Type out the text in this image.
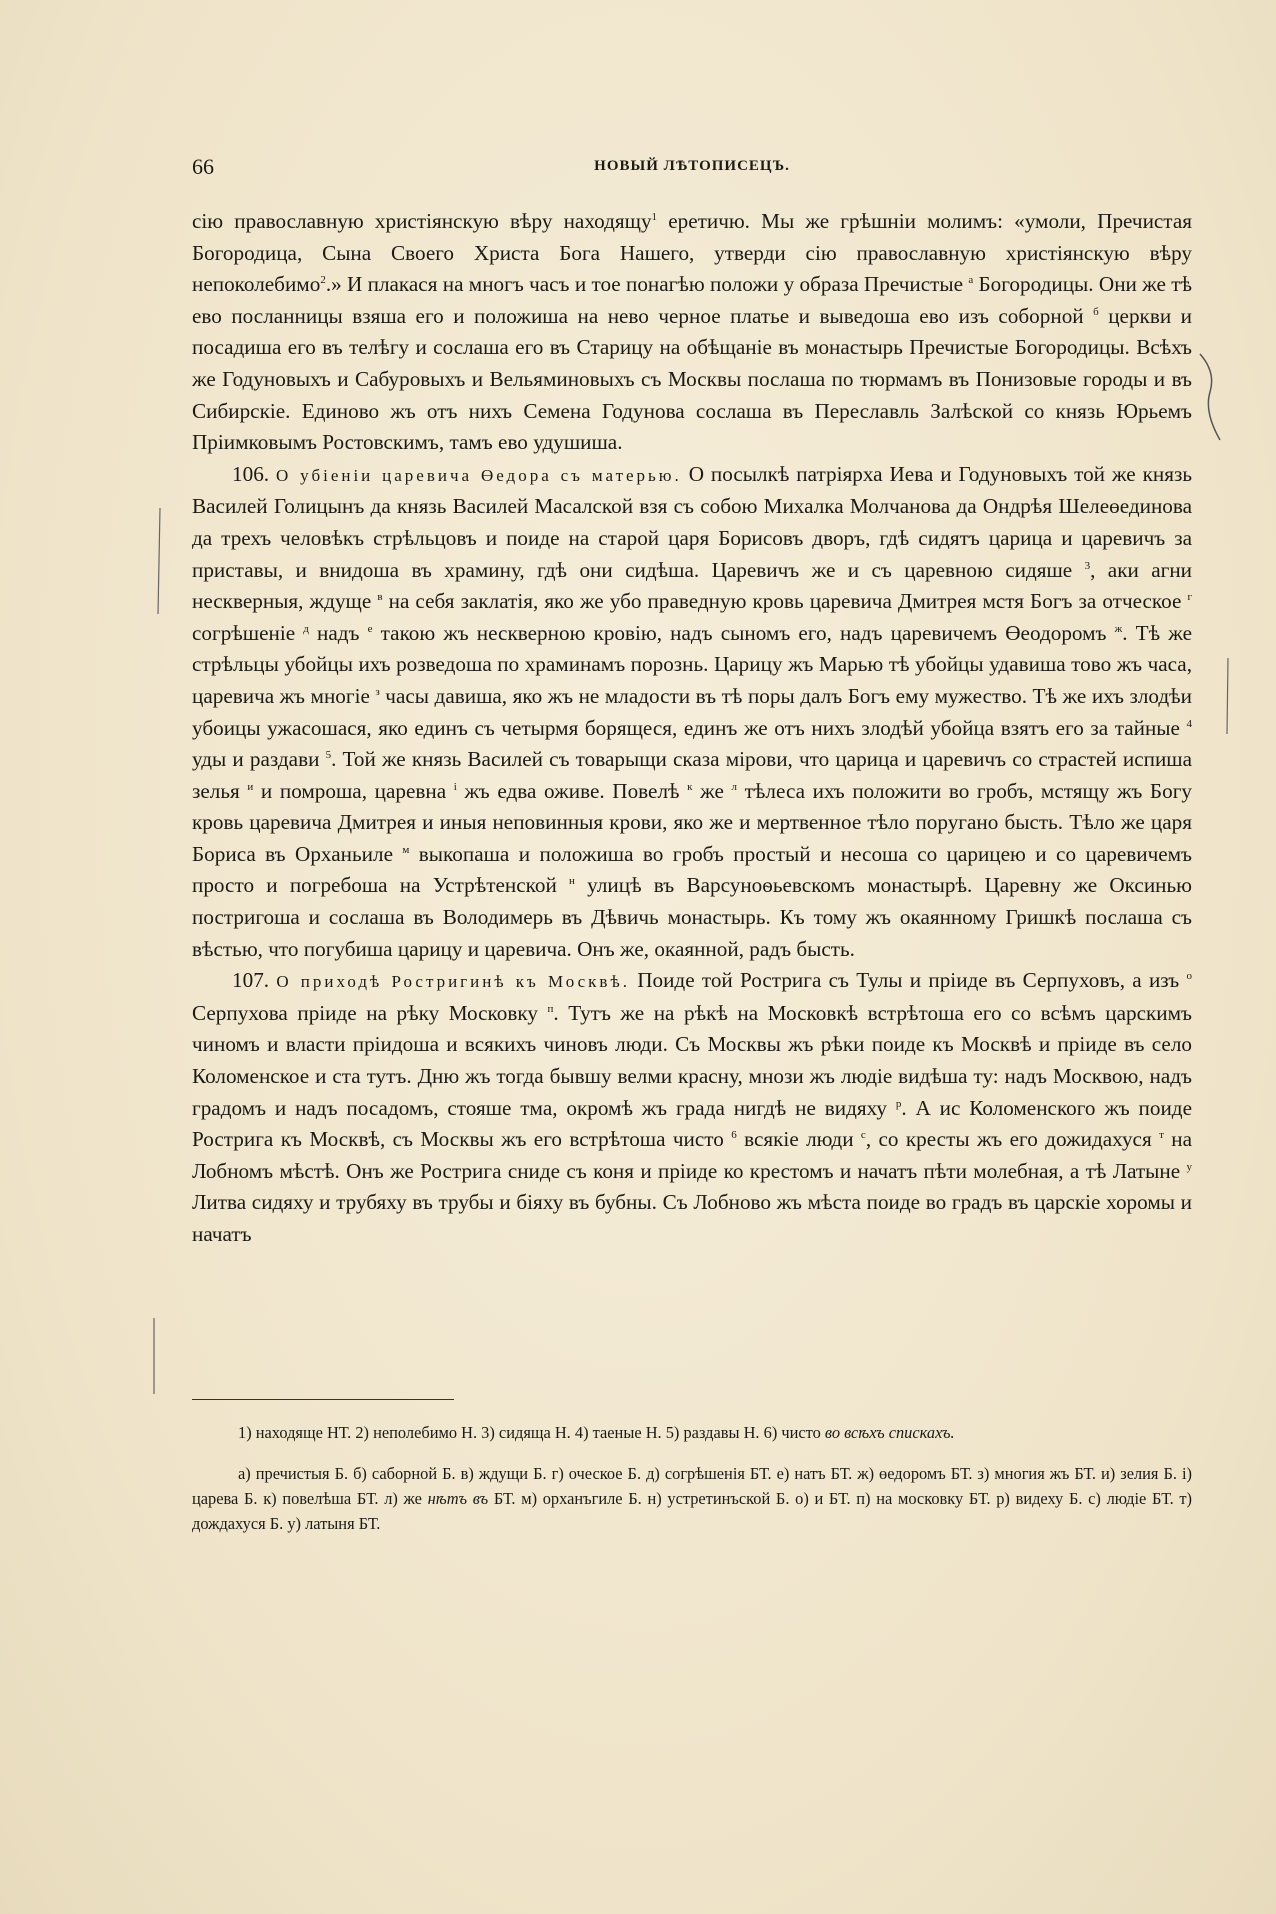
66	НОВЫЙ ЛѢТОПИСЕЦЪ.

сію православную христіянскую вѣру находящу$^1$ еретичю. Мы же грѣшніи молимъ: «умоли, Пречистая Богородица, Сына Своего Христа Бога Нашего, утверди сію православную христіянскую вѣру непоколебимо$^2$.» И плакася на многъ часъ и тое понагѣю положи у образа Пречистые $^а$ Богородицы. Они же тѣ ево посланницы взяша его и положиша на нево черное платье и выведоша ево изъ соборной $^б$ церкви и посадиша его въ телѣгу и сослаша его въ Старицу на обѣщаніе въ монастырь Пречистые Богородицы. Всѣхъ же Годуновыхъ и Сабуровыхъ и Вельяминовыхъ съ Москвы послаша по тюрмамъ въ Понизовые городы и въ Сибирскіе. Единово жъ отъ нихъ Семена Годунова сослаша въ Переславль Залѣской со князь Юрьемъ Пріимковымъ Ростовскимъ, тамъ ево удушиша.

106. О убіеніи царевича Өедора съ матерью. О посылкѣ патріярха Иева и Годуновыхъ той же князь Василей Голицынъ да князь Василей Масалской взя съ собою Михалка Молчанова да Ондрѣя Шелеөединова да трехъ человѣкъ стрѣльцовъ и поиде на старой царя Борисовъ дворъ, гдѣ сидятъ царица и царевичъ за приставы, и внидоша въ храмину, гдѣ они сидѣша. Царевичъ же и съ царевною сидяше $^3$, аки агни нескверныя, ждуще $^в$ на себя заклатія, яко же убо праведную кровь царевича Дмитрея мстя Богъ за отческое $^г$ согрѣшеніе $^д$ надъ $^е$ такою жъ нескверною кровію, надъ сыномъ его, надъ царевичемъ Өеодоромъ $^ж$. Тѣ же стрѣльцы убойцы ихъ розведоша по храминамъ порознь. Царицу жъ Марью тѣ убойцы удавиша тово жъ часа, царевича жъ многіе $^з$ часы давиша, яко жъ не младости въ тѣ поры далъ Богъ ему мужество. Тѣ же ихъ злодѣи убоицы ужасошася, яко единъ съ четырмя борящеся, единъ же отъ нихъ злодѣй убойца взятъ его за тайные $^4$ уды и раздави $^5$. Той же князь Василей съ товарыщи сказа мірови, что царица и царевичъ со страстей испиша зелья $^и$ и помроша, царевна $^і$ жъ едва оживе. Повелѣ $^к$ же $^л$ тѣлеса ихъ положити во гробъ, мстящу жъ Богу кровь царевича Дмитрея и иныя неповинныя крови, яко же и мертвенное тѣло поругано бысть. Тѣло же царя Бориса въ Орханьиле $^м$ выкопаша и положиша во гробъ простый и несоша со царицею и со царевичемъ просто и погребоша на Устрѣтенской $^н$ улицѣ въ Варсуноѳьевскомъ монастырѣ. Царевну же Оксинью постригоша и сослаша въ Володимерь въ Дѣвичь монастырь. Къ тому жъ окаянному Гришкѣ послаша съ вѣстью, что погубиша царицу и царевича. Онъ же, окаянной, радъ бысть.

107. О приходѣ Ростригинѣ къ Москвѣ. Поиде той Рострига съ Тулы и пріиде въ Серпуховъ, а изъ $^о$ Серпухова пріиде на рѣку Московку $^п$. Тутъ же на рѣкѣ на Московкѣ встрѣтоша его со всѣмъ царскимъ чиномъ и власти пріидоша и всякихъ чиновъ люди. Съ Москвы жъ рѣки поиде къ Москвѣ и пріиде въ село Коломенское и ста тутъ. Дню жъ тогда бывшу велми красну, мнози жъ людіе видѣша ту: надъ Москвою, надъ градомъ и надъ посадомъ, стояше тма, окромѣ жъ града нигдѣ не видяху $^р$. А ис Коломенского жъ поиде Рострига къ Москвѣ, съ Москвы жъ его встрѣтоша чисто $^6$ всякіе люди $^с$, со кресты жъ его дожидахуся $^т$ на Лобномъ мѣстѣ. Онъ же Рострига сниде съ коня и пріиде ко крестомъ и начатъ пѣти молебная, а тѣ Латыне $^у$ Литва сидяху и трубяху въ трубы и біяху въ бубны. Съ Лобново жъ мѣста поиде во градъ въ царскіе хоромы и начатъ

1) находяще НТ. 2) неполебимо Н. 3) сидяща Н. 4) таеные Н. 5) раздавы Н. 6) чисто во всѣхъ спискахъ.

а) пречистыя Б. б) саборной Б. в) ждущи Б. г) оческое Б. д) согрѣшенія БТ. е) натъ БТ. ж) өедоромъ БТ. з) многия жъ БТ. и) зелия Б. і) царева Б. к) повелѣша БТ. л) же нѣтъ въ БТ. м) орханъгиле Б. н) устретинъской Б. о) и БТ. п) на московку БТ. р) видеху Б. с) людіе БТ. т) дождахуся Б. у) латыня БТ.
